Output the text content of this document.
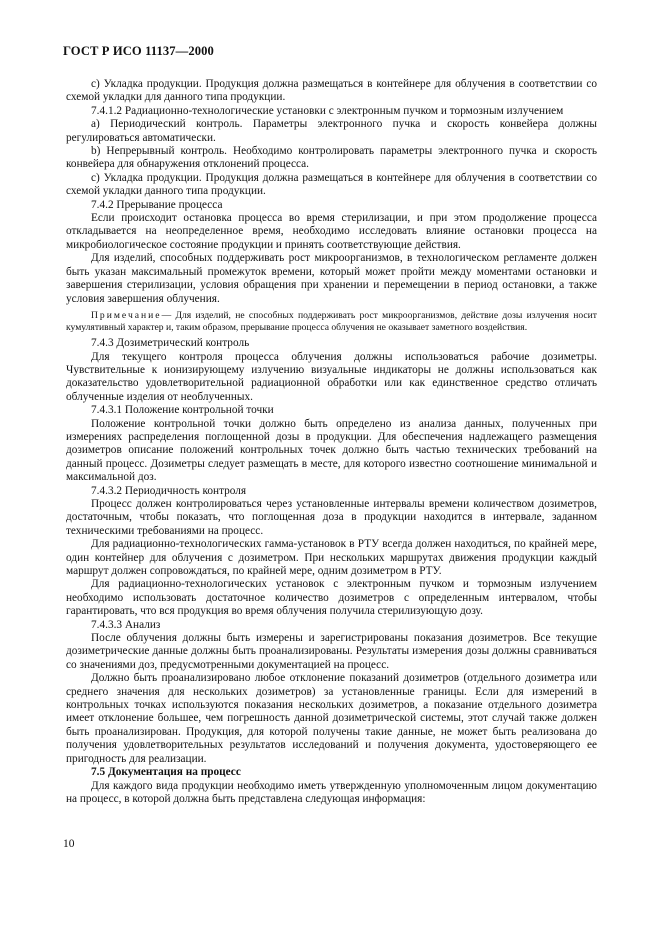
ГОСТ Р ИСО 11137—2000

c) Укладка продукции. Продукция должна размещаться в контейнере для облучения в соответствии со схемой укладки для данного типа продукции.

7.4.1.2 Радиационно-технологические установки с электронным пучком и тормозным излучением

a) Периодический контроль. Параметры электронного пучка и скорость конвейера должны регулироваться автоматически.

b) Непрерывный контроль. Необходимо контролировать параметры электронного пучка и скорость конвейера для обнаружения отклонений процесса.

c) Укладка продукции. Продукция должна размещаться в контейнере для облучения в соответствии со схемой укладки данного типа продукции.

7.4.2 Прерывание процесса

Если происходит остановка процесса во время стерилизации, и при этом продолжение процесса откладывается на неопределенное время, необходимо исследовать влияние остановки процесса на микробиологическое состояние продукции и принять соответствующие действия.

Для изделий, способных поддерживать рост микроорганизмов, в технологическом регламенте должен быть указан максимальный промежуток времени, который может пройти между моментами остановки и завершения стерилизации, условия обращения при хранении и перемещении в период остановки, а также условия завершения облучения.

Примечание— Для изделий, не способных поддерживать рост микроорганизмов, действие дозы излучения носит кумулятивный характер и, таким образом, прерывание процесса облучения не оказывает заметного воздействия.

7.4.3 Дозиметрический контроль

Для текущего контроля процесса облучения должны использоваться рабочие дозиметры. Чувствительные к ионизирующему излучению визуальные индикаторы не должны использоваться как доказательство удовлетворительной радиационной обработки или как единственное средство отличать облученные изделия от необлученных.

7.4.3.1 Положение контрольной точки

Положение контрольной точки должно быть определено из анализа данных, полученных при измерениях распределения поглощенной дозы в продукции. Для обеспечения надлежащего размещения дозиметров описание положений контрольных точек должно быть частью технических требований на данный процесс. Дозиметры следует размещать в месте, для которого известно соотношение минимальной и максимальной доз.

7.4.3.2 Периодичность контроля

Процесс должен контролироваться через установленные интервалы времени количеством дозиметров, достаточным, чтобы показать, что поглощенная доза в продукции находится в интервале, заданном техническими требованиями на процесс.

Для радиационно-технологических гамма-установок в РТУ всегда должен находиться, по крайней мере, один контейнер для облучения с дозиметром. При нескольких маршрутах движения продукции каждый маршрут должен сопровождаться, по крайней мере, одним дозиметром в РТУ.

Для радиационно-технологических установок с электронным пучком и тормозным излучением необходимо использовать достаточное количество дозиметров с определенным интервалом, чтобы гарантировать, что вся продукция во время облучения получила стерилизующую дозу.

7.4.3.3 Анализ

После облучения должны быть измерены и зарегистрированы показания дозиметров. Все текущие дозиметрические данные должны быть проанализированы. Результаты измерения дозы должны сравниваться со значениями доз, предусмотренными документацией на процесс.

Должно быть проанализировано любое отклонение показаний дозиметров (отдельного дозиметра или среднего значения для нескольких дозиметров) за установленные границы. Если для измерений в контрольных точках используются показания нескольких дозиметров, а показание отдельного дозиметра имеет отклонение большее, чем погрешность данной дозиметрической системы, этот случай также должен быть проанализирован. Продукция, для которой получены такие данные, не может быть реализована до получения удовлетворительных результатов исследований и получения документа, удостоверяющего ее пригодность для реализации.

7.5 Документация на процесс

Для каждого вида продукции необходимо иметь утвержденную уполномоченным лицом документацию на процесс, в которой должна быть представлена следующая информация:

10
